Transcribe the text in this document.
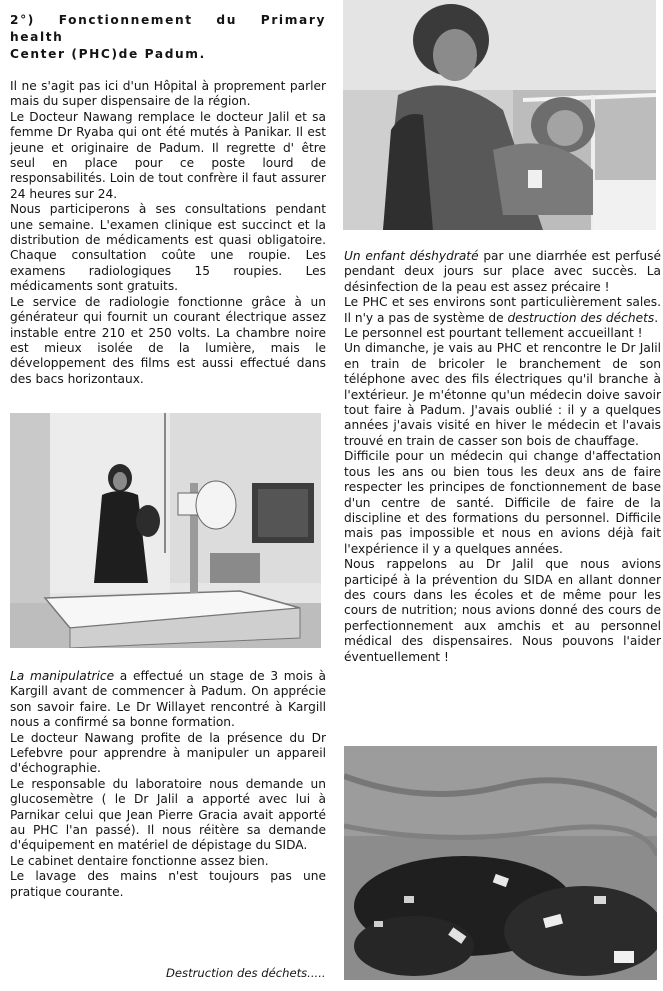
2°) Fonctionnement du Primary health
Center (PHC)de Padum.

Il ne s'agit pas ici d'un Hôpital à proprement parler mais du super dispensaire de la région.

Le Docteur Nawang remplace le docteur Jalil et sa femme Dr Ryaba qui ont été mutés à Panikar. Il est jeune et originaire de Padum. Il regrette d' être seul en place pour ce poste lourd de responsabilités. Loin de tout confrère il faut assurer 24 heures sur 24.

Nous participerons à ses consultations pendant une semaine. L'examen clinique est succinct et la distribution de médicaments est quasi obligatoire. Chaque consultation coûte une roupie. Les examens radiologiques 15 roupies. Les médicaments sont gratuits.

Le service de radiologie fonctionne grâce à un générateur qui fournit un courant électrique assez instable entre 210 et 250 volts. La chambre noire est mieux isolée de la lumière, mais le développement des films est aussi effectué dans des bacs horizontaux.

La manipulatrice a effectué un stage de 3 mois à Kargill avant de commencer à Padum. On apprécie son savoir faire. Le Dr Willayet rencontré à Kargill nous a confirmé sa bonne formation.

Le docteur Nawang profite de la présence du Dr Lefebvre pour apprendre à manipuler un appareil d'échographie.

Le responsable du laboratoire nous demande un glucosemètre ( le Dr Jalil a apporté avec lui à Parnikar celui que Jean Pierre Gracia avait apporté au PHC l'an passé). Il nous réitère sa demande d'équipement en matériel de dépistage du SIDA.

Le cabinet dentaire fonctionne assez bien.

Le lavage des mains n'est toujours pas une pratique courante.

Un enfant déshydraté par une diarrhée est perfusé pendant deux jours sur place avec succès. La désinfection de la peau est assez précaire !

Le PHC et ses environs sont particulièrement sales. Il n'y a pas de système de destruction des déchets.

Le personnel est pourtant tellement accueillant !

Un dimanche, je vais au PHC et rencontre le Dr Jalil en train de bricoler le branchement de son téléphone avec des fils électriques qu'il branche à l'extérieur. Je m'étonne qu'un médecin doive savoir tout faire à Padum. J'avais oublié : il y a quelques années j'avais visité en hiver le médecin et l'avais trouvé en train de casser son bois de chauffage.

Difficile pour un médecin qui change d'affectation tous les ans ou bien tous les deux ans de faire respecter les principes de fonctionnement de base d'un centre de santé. Difficile de faire de la discipline et des formations du personnel. Difficile mais pas impossible et nous en avions déjà fait l'expérience il y a quelques années.

Nous rappelons au Dr Jalil que nous avions participé à la prévention du SIDA en allant donner des cours dans les écoles et de même pour les cours de nutrition; nous avions donné des cours de perfectionnement aux amchis et au personnel médical des dispensaires. Nous pouvons l'aider éventuellement !

Destruction des déchets.....
